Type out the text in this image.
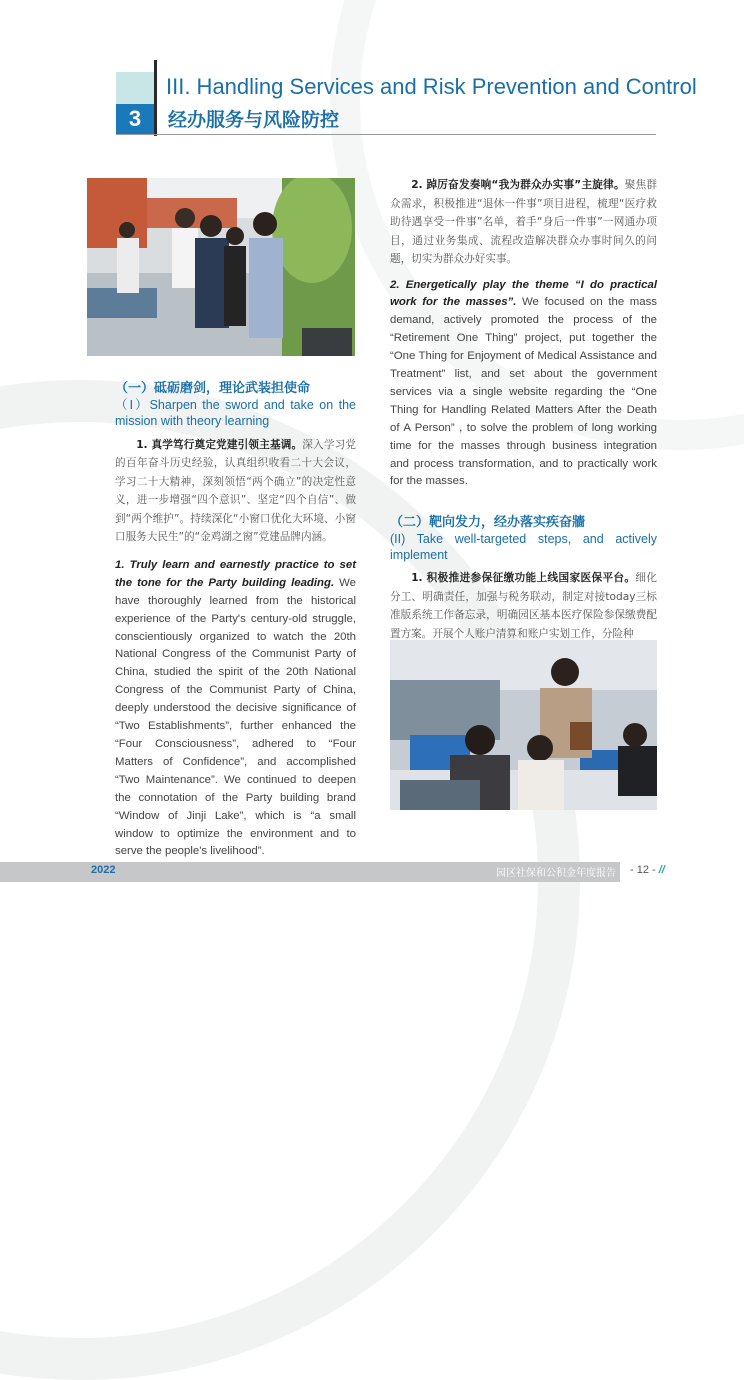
3
III. Handling Services and Risk Prevention and Control
经办服务与风险防控
（一）砥砺磨剑，理论武装担使命
（Ⅰ）Sharpen the sword and take on the mission with theory learning
1. 真学笃行奠定党建引领主基调。深入学习党的百年奋斗历史经验，认真组织收看二十大会议，学习二十大精神，深刻领悟“两个确立”的决定性意义，进一步增强“四个意识”、坚定“四个自信”、做到“两个维护”。持续深化“小窗口优化大环境、小窗口服务大民生”的“金鸡湖之窗”党建品牌内涵。
1. Truly learn and earnestly practice to set the tone for the Party building leading. We have thoroughly learned from the historical experience of the Party's century-old struggle, conscientiously organized to watch the 20th National Congress of the Communist Party of China, studied the spirit of the 20th National Congress of the Communist Party of China, deeply understood the decisive significance of “Two Establishments”, further enhanced the “Four Consciousness”, adhered to “Four Matters of Confidence”, and accomplished “Two Maintenance”. We continued to deepen the connotation of the Party building brand “Window of Jinji Lake”, which is “a small window to optimize the environment and to serve the people's livelihood”.
2. 踔厉奋发奏响“我为群众办实事”主旋律。聚焦群众需求，积极推进“退休一件事”项目进程，梳理“医疗救助待遇享受一件事”名单，着手“身后一件事”一网通办项目，通过业务集成、流程改造解决群众办事时间久的问题，切实为群众办好实事。
2. Energetically play the theme “I do practical work for the masses”. We focused on the mass demand, actively promoted the process of the “Retirement One Thing” project, put together the “One Thing for Enjoyment of Medical Assistance and Treatment” list, and set about the government services via a single website regarding the “One Thing for Handling Related Matters After the Death of A Person” , to solve the problem of long working time for the masses through business integration and process transformation, and to practically work for the masses.
（二）靶向发力，经办落实疾奋牆
(II) Take well-targeted steps, and actively implement
1. 积极推进参保征缴功能上线国家医保平台。细化分工、明确责任，加强与税务联动，制定对接today三标准版系统工作备忘录，明确园区基本医疗保险参保缴费配置方案。开展个人账户清算和账户实划工作，分险种
2022	园区社保和公积金年度报告 - 12 - //
